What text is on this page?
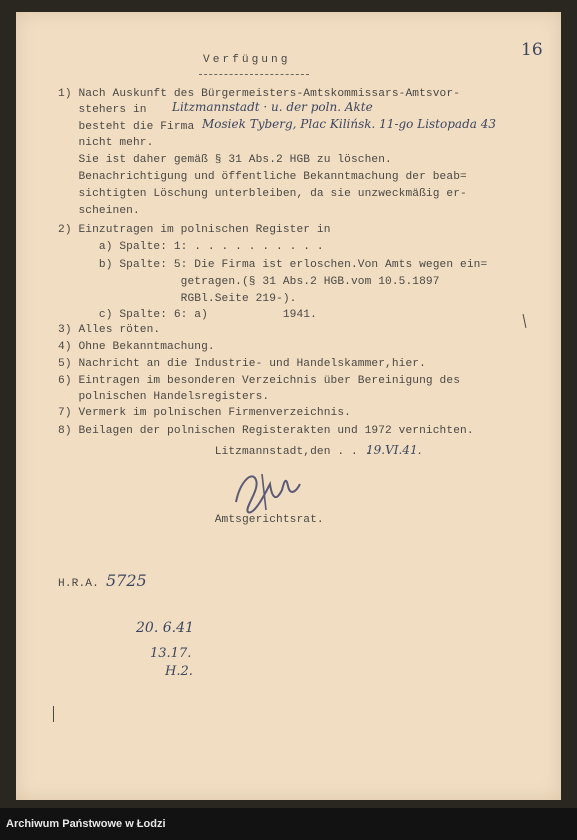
16
Verfügung
1) Nach Auskunft des Bürgermeisters-Amtskommissars-Amtsvor-
stehers in
besteht die Firma
nicht mehr.
Sie ist daher gemäß § 31 Abs.2 HGB zu löschen.
Benachrichtigung und öffentliche Bekanntmachung der beab=
sichtigten Löschung unterbleiben, da sie unzweckmäßig er-
scheinen.
2) Einzutragen im polnischen Register in
a) Spalte: 1: . . . . . . . . . .
b) Spalte: 5: Die Firma ist erloschen.Von Amts wegen ein=
getragen.(§ 31 Abs.2 HGB.vom 10.5.1897
RGBl.Seite 219-).
c) Spalte: 6: a)           1941.
3) Alles röten.
4) Ohne Bekanntmachung.
5) Nachricht an die Industrie- und Handelskammer,hier.
6) Eintragen im besonderen Verzeichnis über Bereinigung des
polnischen Handelsregisters.
7) Vermerk im polnischen Firmenverzeichnis.
8) Beilagen der polnischen Registerakten und 1972 vernichten.
Litzmannstadt,den . . .
Amtsgerichtsrat.
Litzmannstadt · u. der poln. Akte
Mosiek Tyberg, Plac Kilińsk. 11-go Listopada 43
19.VI.41.
H.R.A. 5725
20. 6.41
13.17.
H.2.
Archiwum Państwowe w Łodzi
